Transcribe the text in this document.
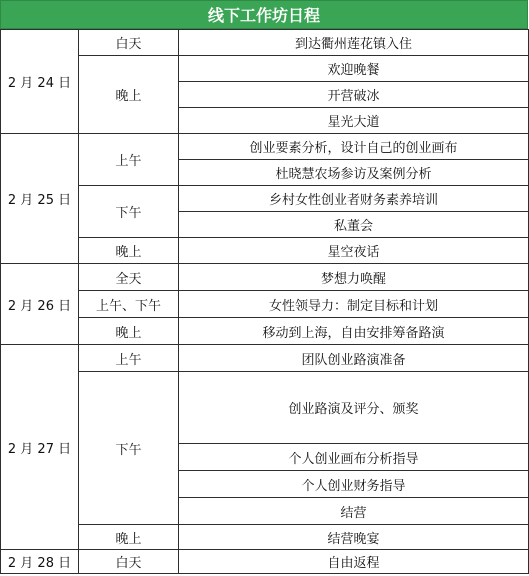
线下工作坊日程
2 月 24 日	白天	到达衢州莲花镇入住
	晚上	欢迎晚餐
		开营破冰
		星光大道
2 月 25 日	上午	创业要素分析，设计自己的创业画布
		杜晓慧农场参访及案例分析
	下午	乡村女性创业者财务素养培训
		私董会
	晚上	星空夜话
2 月 26 日	全天	梦想力唤醒
	上午、下午	女性领导力：制定目标和计划
	晚上	移动到上海，自由安排筹备路演
2 月 27 日	上午	团队创业路演准备
	下午	创业路演及评分、颁奖
		个人创业画布分析指导
		个人创业财务指导
		结营
	晚上	结营晚宴
2 月 28 日	白天	自由返程
